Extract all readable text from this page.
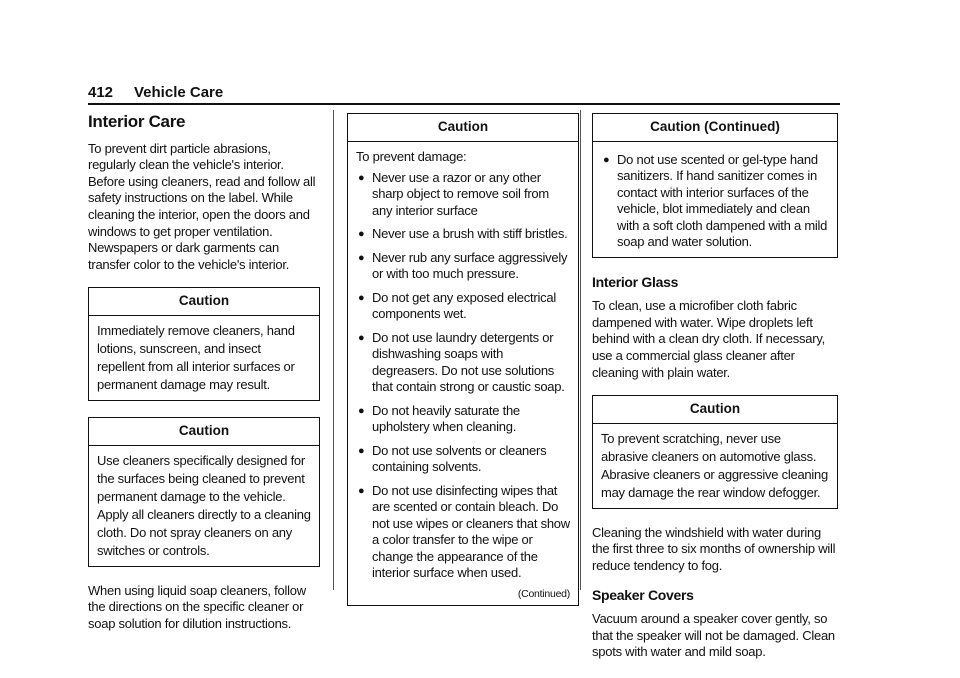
412 Vehicle Care
Interior Care

To prevent dirt particle abrasions, regularly clean the vehicle's interior. Before using cleaners, read and follow all safety instructions on the label. While cleaning the interior, open the doors and windows to get proper ventilation. Newspapers or dark garments can transfer color to the vehicle's interior.

Caution
Immediately remove cleaners, hand lotions, sunscreen, and insect repellent from all interior surfaces or permanent damage may result.
Caution
Use cleaners specifically designed for the surfaces being cleaned to prevent permanent damage to the vehicle. Apply all cleaners directly to a cleaning cloth. Do not spray cleaners on any switches or controls.

When using liquid soap cleaners, follow the directions on the specific cleaner or soap solution for dilution instructions.

Caution
To prevent damage:
● Never use a razor or any other sharp object to remove soil from any interior surface
● Never use a brush with stiff bristles.
● Never rub any surface aggressively or with too much pressure.
● Do not get any exposed electrical components wet.
● Do not use laundry detergents or dishwashing soaps with degreasers. Do not use solutions that contain strong or caustic soap.
● Do not heavily saturate the upholstery when cleaning.
● Do not use solvents or cleaners containing solvents.
● Do not use disinfecting wipes that are scented or contain bleach. Do not use wipes or cleaners that show a color transfer to the wipe or change the appearance of the interior surface when used.
(Continued)
Caution (Continued)
● Do not use scented or gel-type hand sanitizers. If hand sanitizer comes in contact with interior surfaces of the vehicle, blot immediately and clean with a soft cloth dampened with a mild soap and water solution.
Interior Glass

To clean, use a microfiber cloth fabric dampened with water. Wipe droplets left behind with a clean dry cloth. If necessary, use a commercial glass cleaner after cleaning with plain water.

Caution
To prevent scratching, never use abrasive cleaners on automotive glass. Abrasive cleaners or aggressive cleaning may damage the rear window defogger.

Cleaning the windshield with water during the first three to six months of ownership will reduce tendency to fog.

Speaker Covers

Vacuum around a speaker cover gently, so that the speaker will not be damaged. Clean spots with water and mild soap.
